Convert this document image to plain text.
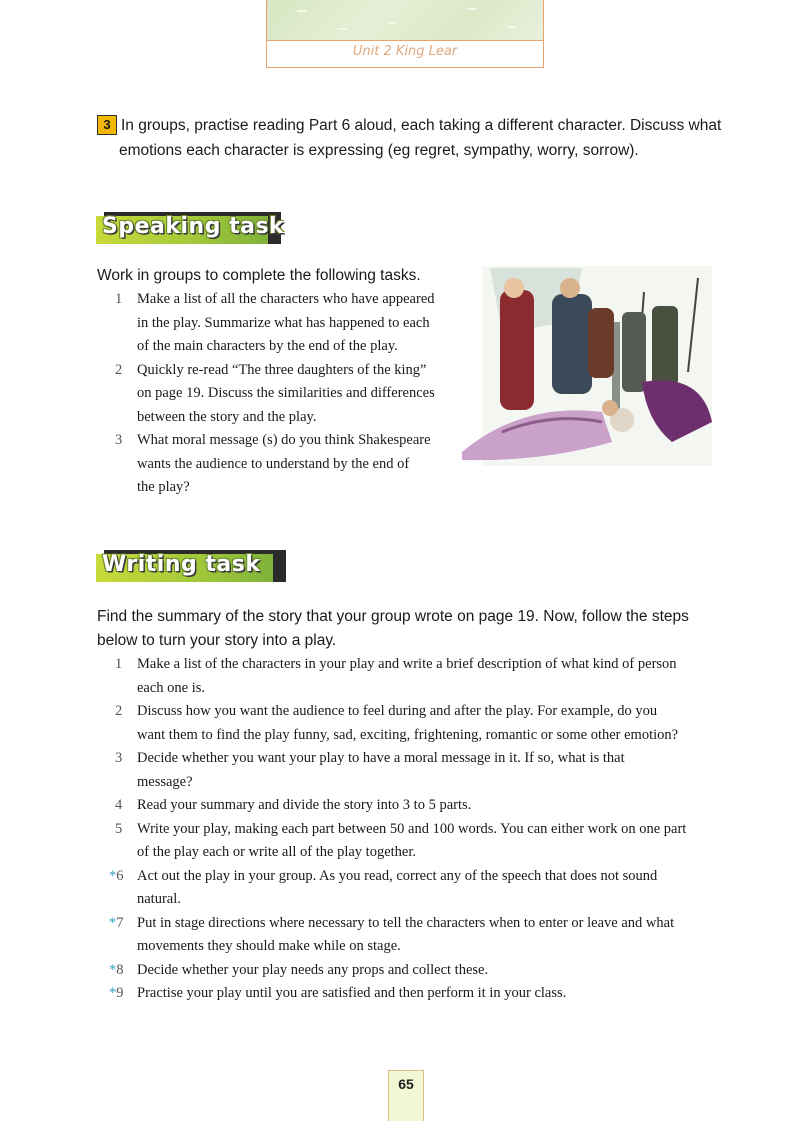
Unit 2 King Lear
3 In groups, practise reading Part 6 aloud, each taking a different character. Discuss what
emotions each character is expressing (eg regret, sympathy, worry, sorrow).
Speaking task
Work in groups to complete the following tasks.
1	Make a list of all the characters who have appeared
in the play. Summarize what has happened to each
of the main characters by the end of the play.
2	Quickly re-read “The three daughters of the king”
on page 19. Discuss the similarities and differences
between the story and the play.
3	What moral message (s) do you think Shakespeare
wants the audience to understand by the end of
the play?
Writing task
Find the summary of the story that your group wrote on page 19. Now, follow the steps
below to turn your story into a play.
1	Make a list of the characters in your play and write a brief description of what kind of person
each one is.
2	Discuss how you want the audience to feel during and after the play. For example, do you
want them to find the play funny, sad, exciting, frightening, romantic or some other emotion?
3	Decide whether you want your play to have a moral message in it. If so, what is that
message?
4	Read your summary and divide the story into 3 to 5 parts.
5	Write your play, making each part between 50 and 100 words. You can either work on one part
of the play each or write all of the play together.
*6 Act out the play in your group. As you read, correct any of the speech that does not sound
natural.
*7 Put in stage directions where necessary to tell the characters when to enter or leave and what
movements they should make while on stage.
*8 Decide whether your play needs any props and collect these.
*9 Practise your play until you are satisfied and then perform it in your class.
65
